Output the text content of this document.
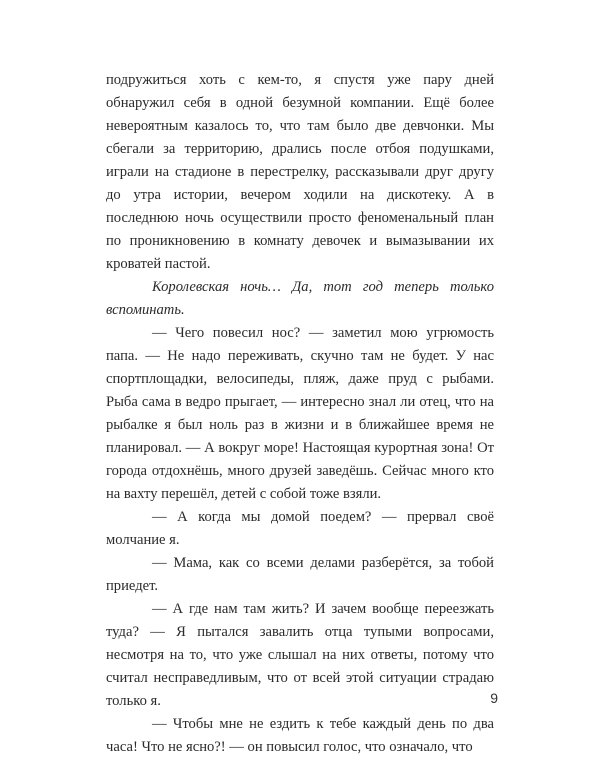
подружиться хоть с кем-то, я спустя уже пару дней обнаружил себя в одной безумной компании. Ещё более невероятным казалось то, что там было две девчонки. Мы сбегали за территорию, дрались после отбоя подушками, играли на стадионе в перестрелку, рассказывали друг другу до утра истории, вечером ходили на дискотеку. А в последнюю ночь осуществили просто феноменальный план по проникновению в комнату девочек и вымазывании их кроватей пастой.

Королевская ночь… Да, тот год теперь только вспоминать.

— Чего повесил нос? — заметил мою угрюмость папа. — Не надо переживать, скучно там не будет. У нас спортплощадки, велосипеды, пляж, даже пруд с рыбами. Рыба сама в ведро прыгает, — интересно знал ли отец, что на рыбалке я был ноль раз в жизни и в ближайшее время не планировал. — А вокруг море! Настоящая курортная зона! От города отдохнёшь, много друзей заведёшь. Сейчас много кто на вахту перешёл, детей с собой тоже взяли.

— А когда мы домой поедем? — прервал своё молчание я.

— Мама, как со всеми делами разберётся, за тобой приедет.

— А где нам там жить? И зачем вообще переезжать туда? — Я пытался завалить отца тупыми вопросами, несмотря на то, что уже слышал на них ответы, потому что считал несправедливым, что от всей этой ситуации страдаю только я.

— Чтобы мне не ездить к тебе каждый день по два часа! Что не ясно?! — он повысил голос, что означало, что

9
